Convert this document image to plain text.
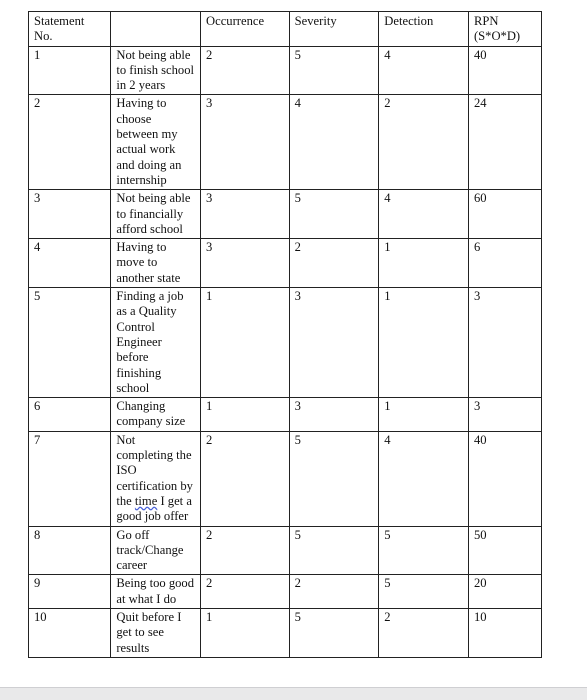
Statement No.		Occurrence	Severity	Detection	RPN (S*O*D)
1	Not being able to finish school in 2 years	2	5	4	40
2	Having to choose between my actual work and doing an internship	3	4	2	24
3	Not being able to financially afford school	3	5	4	60
4	Having to move to another state	3	2	1	6
5	Finding a job as a Quality Control Engineer before finishing school	1	3	1	3
6	Changing company size	1	3	1	3
7	Not completing the ISO certification by the time I get a good job offer	2	5	4	40
8	Go off track/Change career	2	5	5	50
9	Being too good at what I do	2	2	5	20
10	Quit before I get to see results	1	5	2	10
